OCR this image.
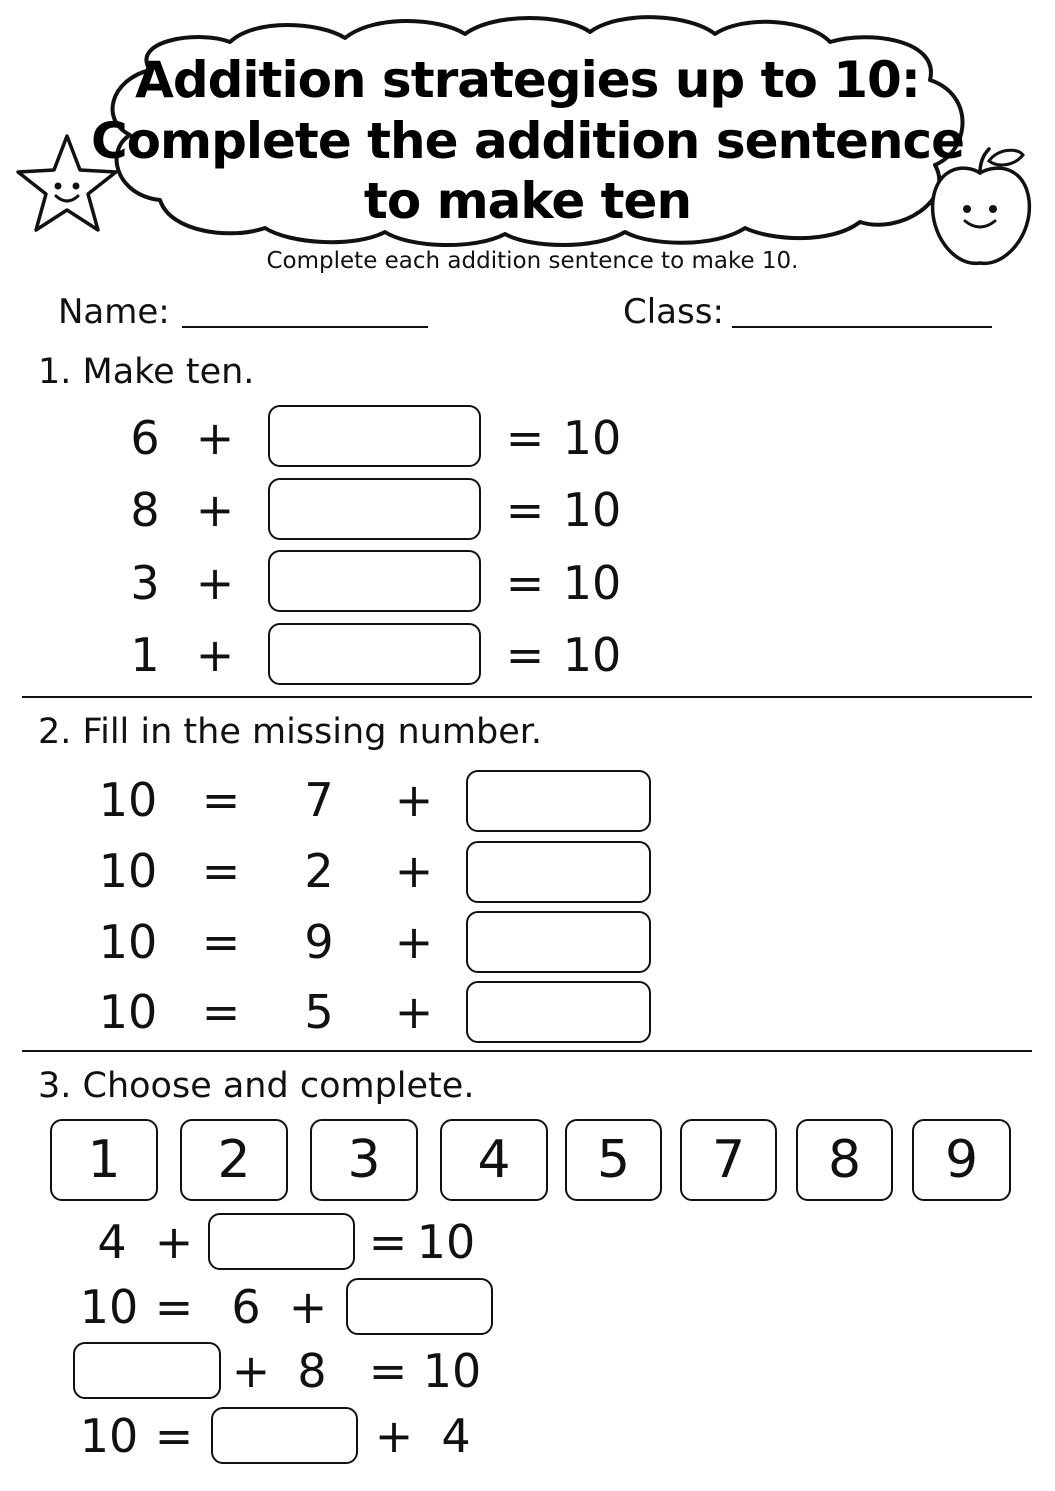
Addition strategies up to 10:
Complete the addition sentence
to make ten
Complete each addition sentence to make 10.
Name:	Class:
1. Make ten.
6 +	= 10
8 +	= 10
3 +	= 10
1 +	= 10
2. Fill in the missing number.
10 = 7 +
10 = 2 +
10 = 9 +
10 = 5 +
3. Choose and complete.
1	2	3	4	5	7	8	9
4 +	= 10
10 = 6 +
+ 8 = 10
10 =	+ 4
